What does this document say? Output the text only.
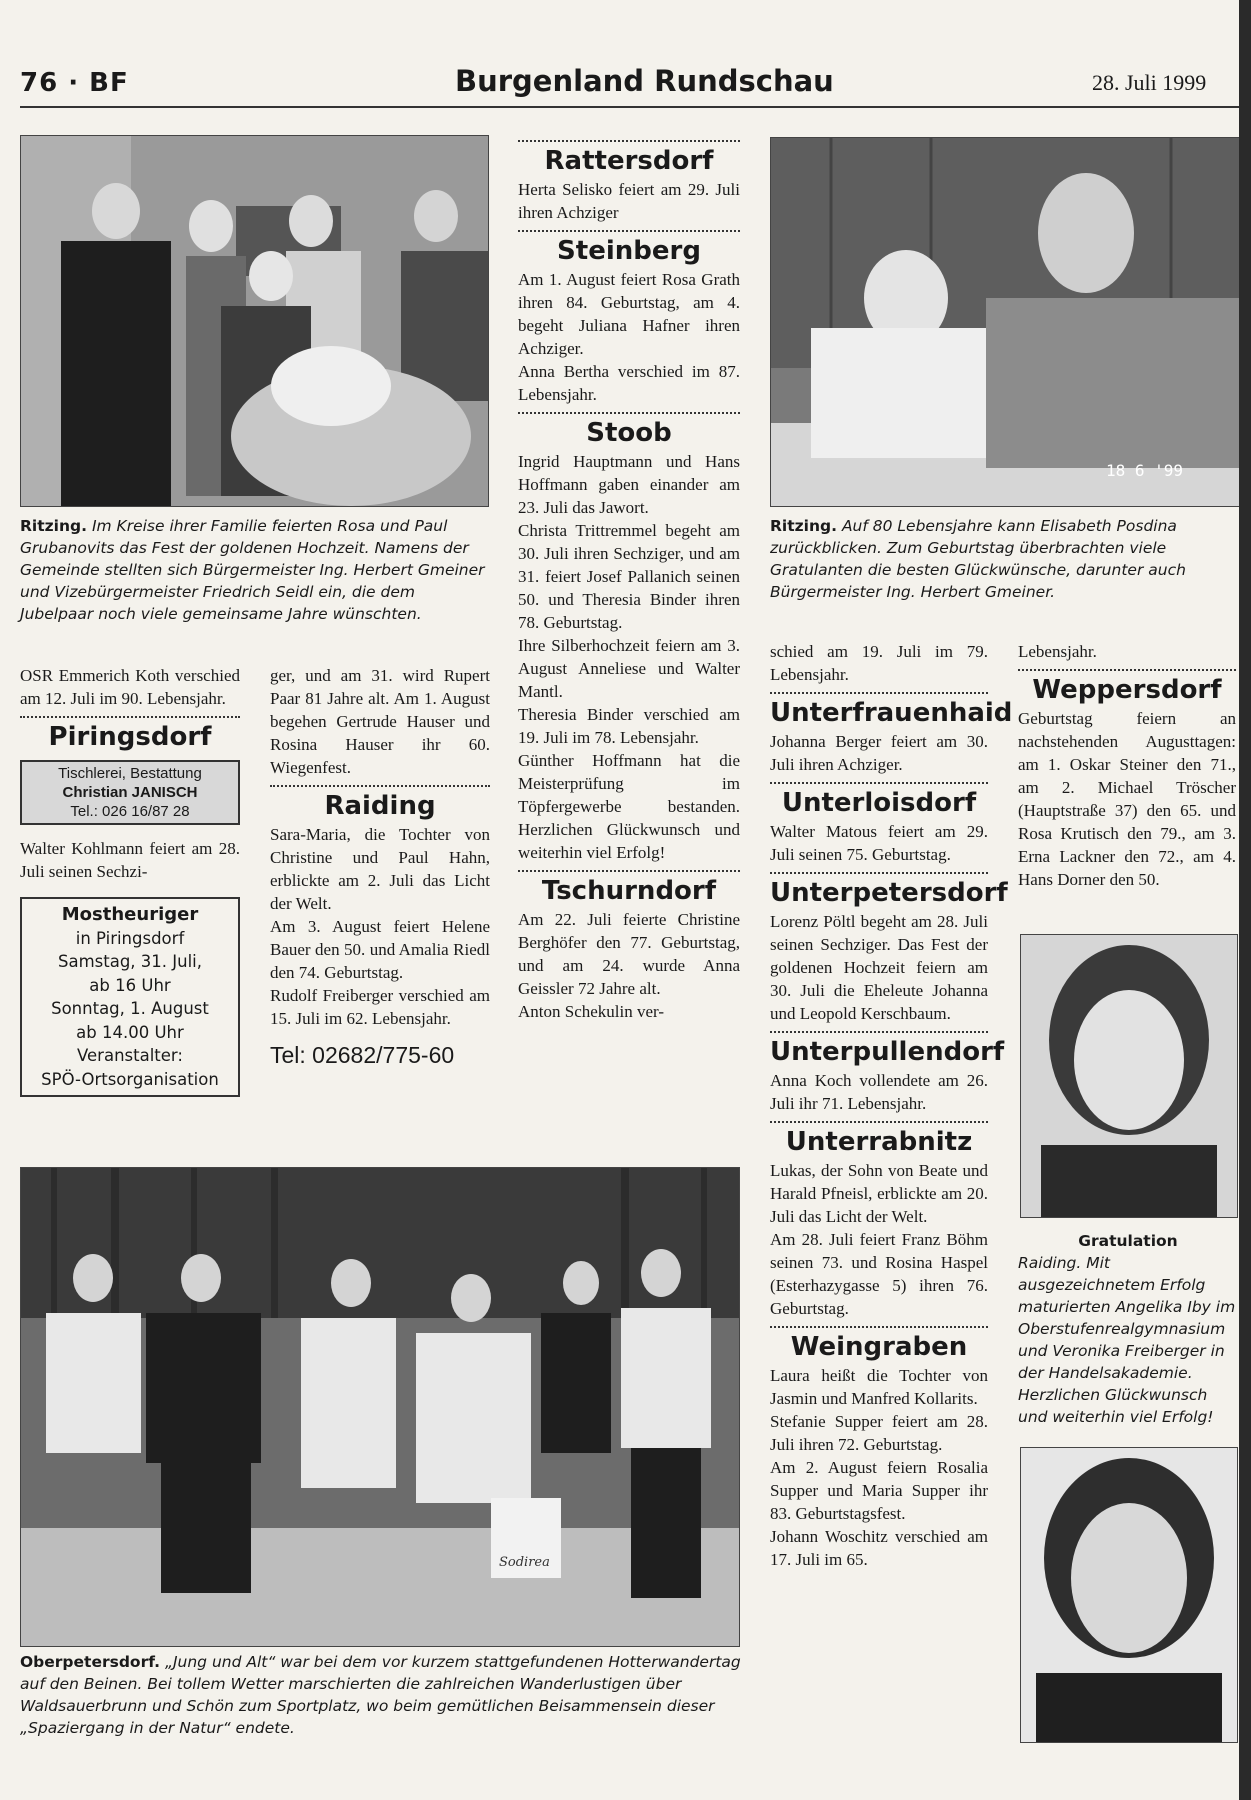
76 · BF	Burgenland Rundschau	28. Juli 1999
Ritzing. Im Kreise ihrer Familie feierten Rosa und Paul Grubanovits das Fest der goldenen Hochzeit. Namens der Gemeinde stellten sich Bürgermeister Ing. Herbert Gmeiner und Vizebürgermeister Friedrich Seidl ein, die dem Jubelpaar noch viele gemeinsame Jahre wünschten.
18 6 '99
Ritzing. Auf 80 Lebensjahre kann Elisabeth Posdina zurückblicken. Zum Geburtstag überbrachten viele Gratulanten die besten Glückwünsche, darunter auch Bürgermeister Ing. Herbert Gmeiner.

OSR Emmerich Koth verschied am 12. Juli im 90. Lebensjahr.

Piringsdorf
Tischlerei, Bestattung
Christian JANISCH
Tel.: 026 16/87 28

Walter Kohlmann feiert am 28. Juli seinen Sechzi-

Mostheuriger
in Piringsdorf
Samstag, 31. Juli,
ab 16 Uhr
Sonntag, 1. August
ab 14.00 Uhr
Veranstalter:
SPÖ-Ortsorganisation

ger, und am 31. wird Rupert Paar 81 Jahre alt. Am 1. August begehen Gertrude Hauser und Rosina Hauser ihr 60. Wiegenfest.

Raiding

Sara-Maria, die Tochter von Christine und Paul Hahn, erblickte am 2. Juli das Licht der Welt.

Am 3. August feiert Helene Bauer den 50. und Amalia Riedl den 74. Geburtstag.

Rudolf Freiberger verschied am 15. Juli im 62. Lebensjahr.

Tel: 02682/775-60
Rattersdorf

Herta Selisko feiert am 29. Juli ihren Achziger

Steinberg

Am 1. August feiert Rosa Grath ihren 84. Geburtstag, am 4. begeht Juliana Hafner ihren Achziger.

Anna Bertha verschied im 87. Lebensjahr.

Stoob

Ingrid Hauptmann und Hans Hoffmann gaben einander am 23. Juli das Jawort.

Christa Trittremmel begeht am 30. Juli ihren Sechziger, und am 31. feiert Josef Pallanich seinen 50. und Theresia Binder ihren 78. Geburtstag.

Ihre Silberhochzeit feiern am 3. August Anneliese und Walter Mantl.

Theresia Binder verschied am 19. Juli im 78. Lebensjahr.

Günther Hoffmann hat die Meisterprüfung im Töpfergewerbe bestanden. Herzlichen Glückwunsch und weiterhin viel Erfolg!

Tschurndorf

Am 22. Juli feierte Christine Berghöfer den 77. Geburtstag, und am 24. wurde Anna Geissler 72 Jahre alt.

Anton Schekulin ver-

Sodirea
Oberpetersdorf. „Jung und Alt“ war bei dem vor kurzem stattgefundenen Hotterwandertag auf den Beinen. Bei tollem Wetter marschierten die zahlreichen Wanderlustigen über Waldsauerbrunn und Schön zum Sportplatz, wo beim gemütlichen Beisammensein dieser „Spaziergang in der Natur“ endete.

schied am 19. Juli im 79. Lebensjahr.

Unterfrauenhaid

Johanna Berger feiert am 30. Juli ihren Achziger.

Unterloisdorf

Walter Matous feiert am 29. Juli seinen 75. Geburtstag.

Unterpetersdorf

Lorenz Pöltl begeht am 28. Juli seinen Sechziger. Das Fest der goldenen Hochzeit feiern am 30. Juli die Eheleute Johanna und Leopold Kerschbaum.

Unterpullendorf

Anna Koch vollendete am 26. Juli ihr 71. Lebensjahr.

Unterrabnitz

Lukas, der Sohn von Beate und Harald Pfneisl, erblickte am 20. Juli das Licht der Welt.

Am 28. Juli feiert Franz Böhm seinen 73. und Rosina Haspel (Esterhazygasse 5) ihren 76. Geburtstag.

Weingraben

Laura heißt die Tochter von Jasmin und Manfred Kollarits.

Stefanie Supper feiert am 28. Juli ihren 72. Geburtstag.

Am 2. August feiern Rosalia Supper und Maria Supper ihr 83. Geburtstagsfest.

Johann Woschitz verschied am 17. Juli im 65.

Lebensjahr.

Weppersdorf

Geburtstag feiern an nachstehenden Augusttagen: am 1. Oskar Steiner den 71., am 2. Michael Tröscher (Hauptstraße 37) den 65. und Rosa Krutisch den 79., am 3. Erna Lackner den 72., am 4. Hans Dorner den 50.

Gratulation
Raiding. Mit ausgezeichnetem Erfolg maturierten Angelika Iby im Oberstufenrealgymnasium und Veronika Freiberger in der Handelsakademie. Herzlichen Glückwunsch und weiterhin viel Erfolg!
